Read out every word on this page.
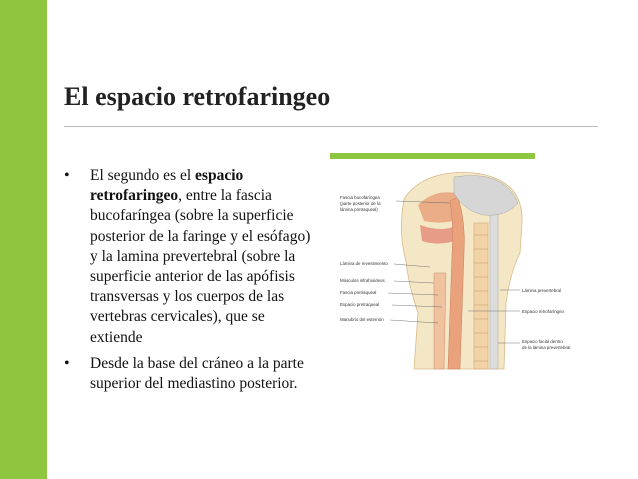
El espacio retrofaringeo
• El segundo es el espacio retrofaringeo, entre la fascia bucofaríngea (sobre la superficie posterior de la faringe y el esófago) y la lamina prevertebral (sobre la superficie anterior de las apófisis transversas y los cuerpos de las vertebras cervicales), que se extiende
• Desde la base del cráneo a la parte superior del mediastino posterior.
Fascia bucofaríngea
(parte posterior de la
lámina pretraqueal)
Lámina de revestimiento
Músculos infrahioideos
Fascia pretraqueal
Espacio pretraqueal
Manubrio del esternón
Lámina prevertebral
Espacio retrofaríngeo
Espacio facial dentro
de la lámina prevertebral
